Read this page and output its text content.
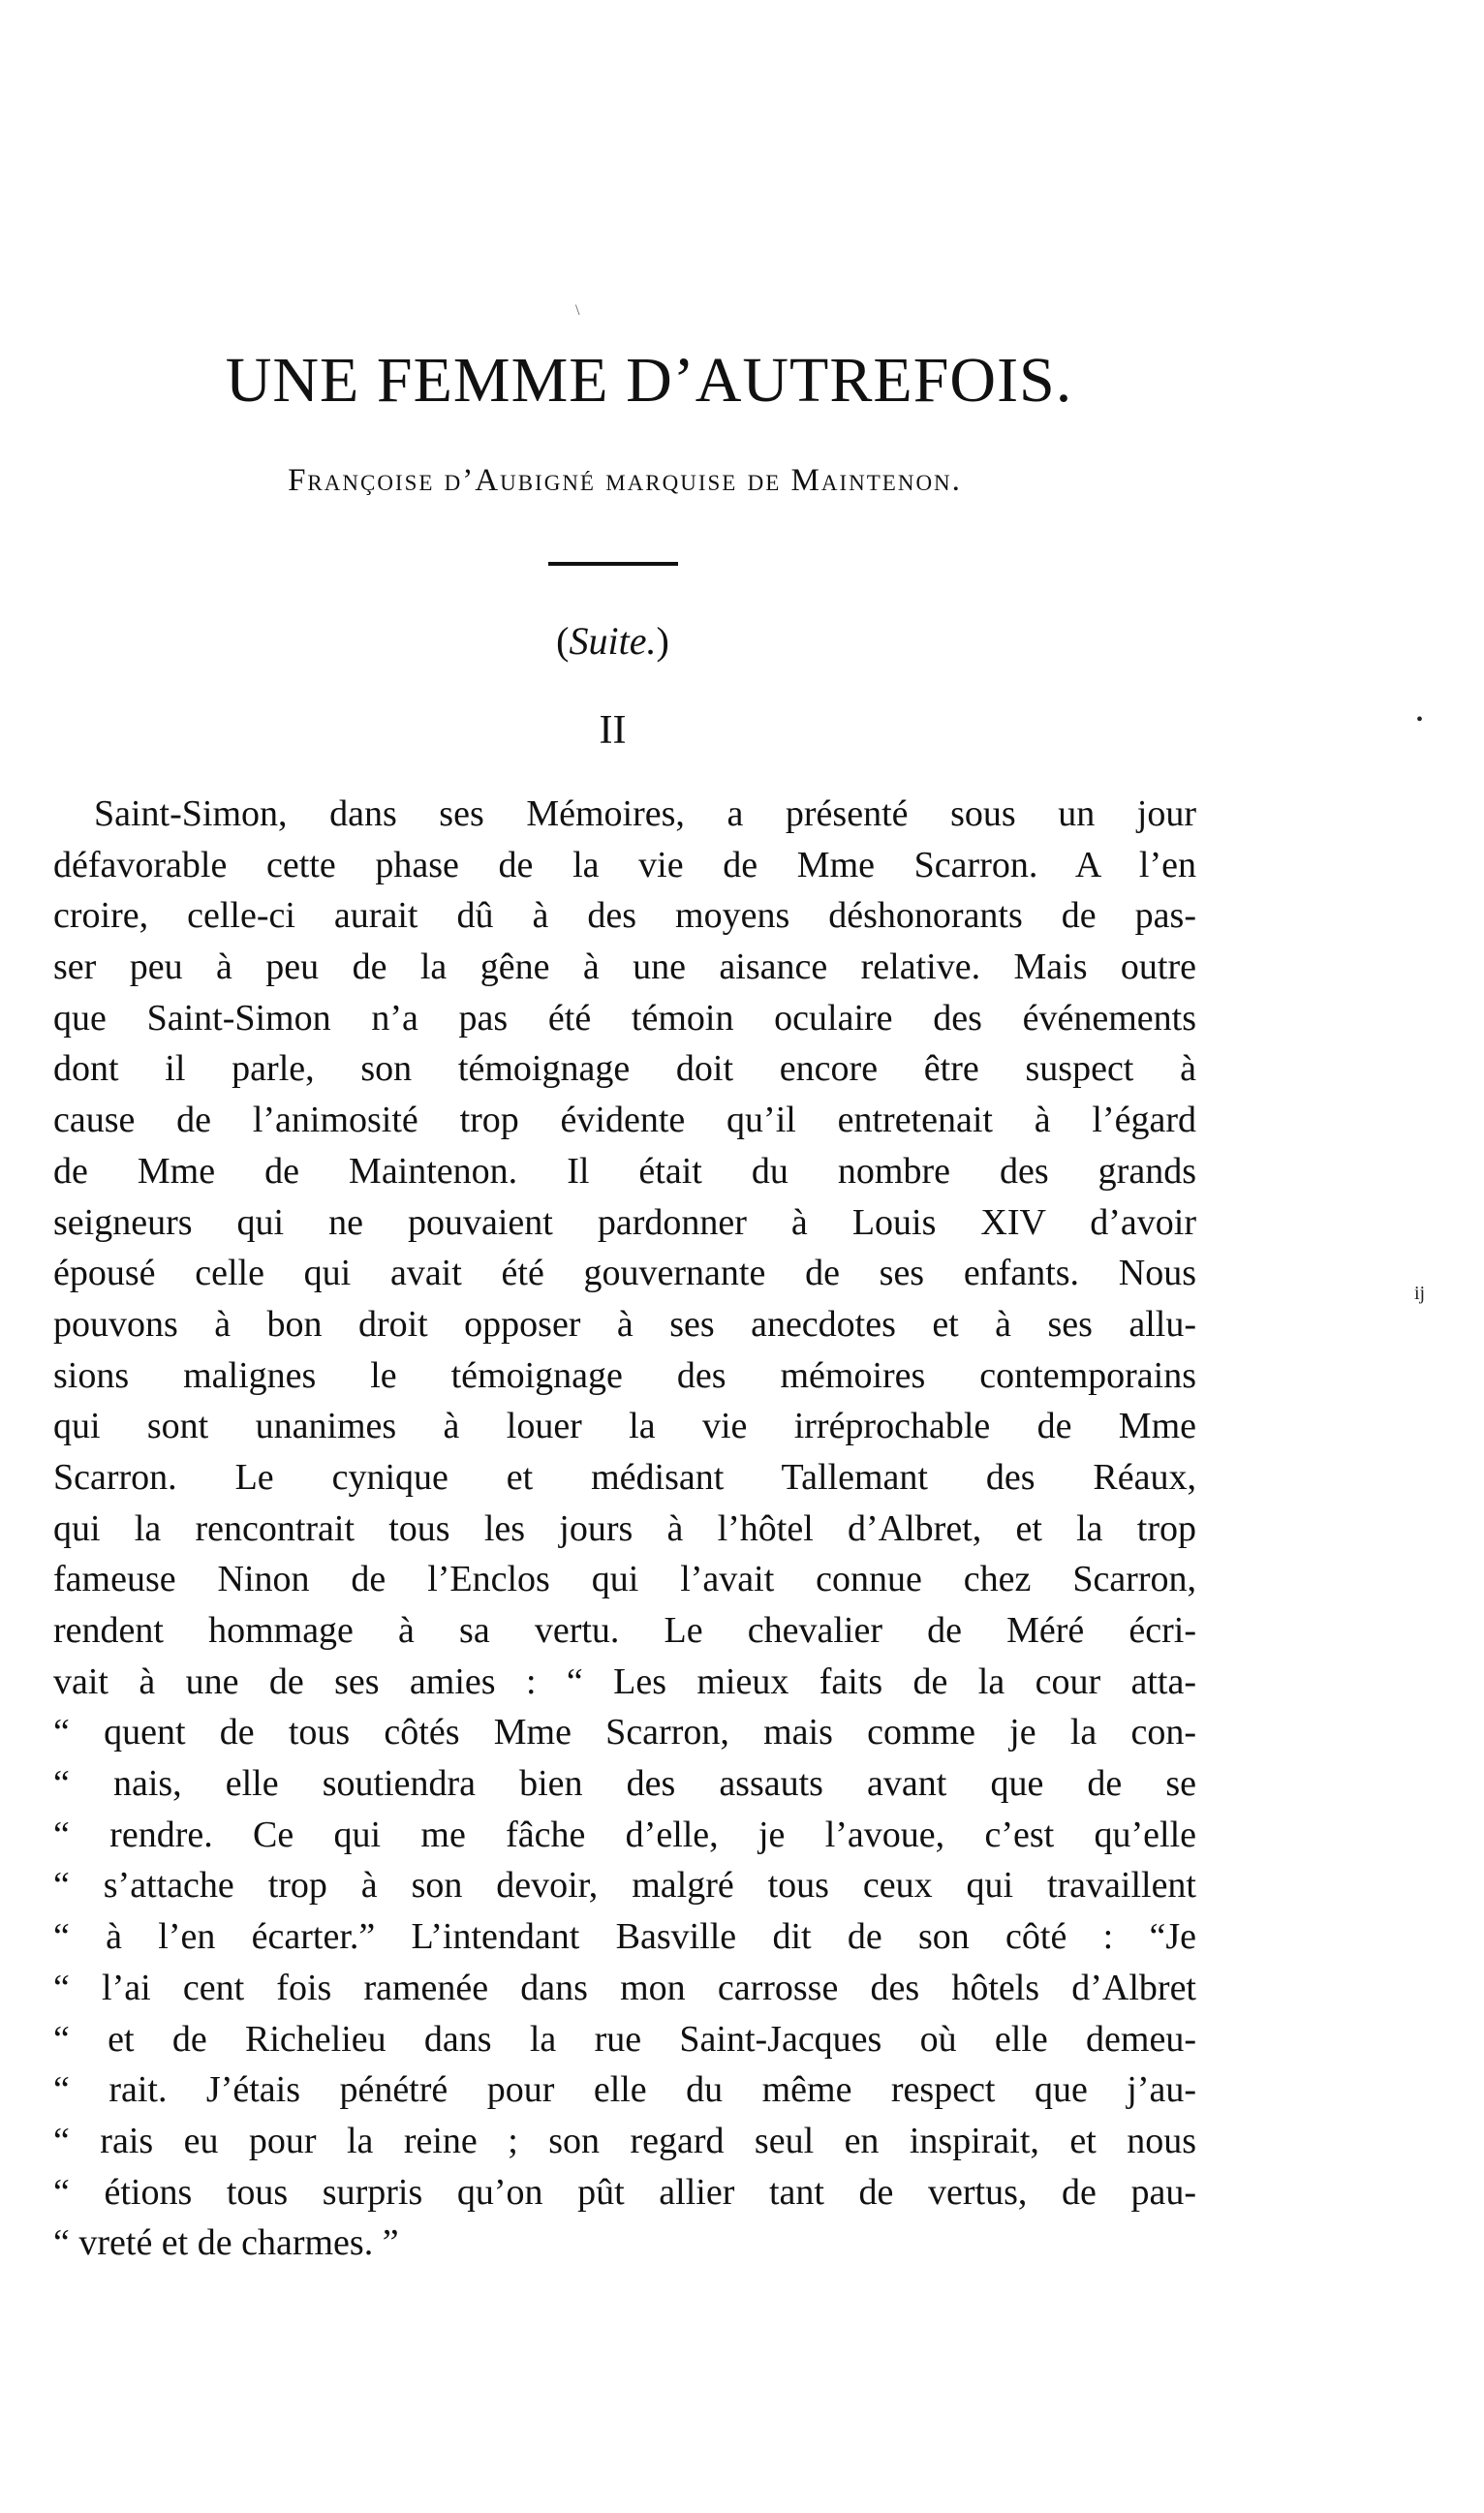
\
UNE FEMME D’AUTREFOIS.
Françoise d’Aubigné marquise de Maintenon.
(Suite.)
II	•
ij
Saint-Simon, dans ses Mémoires, a présenté sous un jour
défavorable cette phase de la vie de Mme Scarron. A l’en
croire, celle-ci aurait dû à des moyens déshonorants de pas-
ser peu à peu de la gêne à une aisance relative. Mais outre
que Saint-Simon n’a pas été témoin oculaire des événements
dont il parle, son témoignage doit encore être suspect à
cause de l’animosité trop évidente qu’il entretenait à l’égard
de Mme de Maintenon. Il était du nombre des grands
seigneurs qui ne pouvaient pardonner à Louis XIV d’avoir
épousé celle qui avait été gouvernante de ses enfants. Nous
pouvons à bon droit opposer à ses anecdotes et à ses allu-
sions malignes le témoignage des mémoires contemporains
qui sont unanimes à louer la vie irréprochable de Mme
Scarron. Le cynique et médisant Tallemant des Réaux,
qui la rencontrait tous les jours à l’hôtel d’Albret, et la trop
fameuse Ninon de l’Enclos qui l’avait connue chez Scarron,
rendent hommage à sa vertu. Le chevalier de Méré écri-
vait à une de ses amies : “ Les mieux faits de la cour atta-
“ quent de tous côtés Mme Scarron, mais comme je la con-
“ nais, elle soutiendra bien des assauts avant que de se
“ rendre. Ce qui me fâche d’elle, je l’avoue, c’est qu’elle
“ s’attache trop à son devoir, malgré tous ceux qui travaillent
“ à l’en écarter.” L’intendant Basville dit de son côté : “Je
“ l’ai cent fois ramenée dans mon carrosse des hôtels d’Albret
“ et de Richelieu dans la rue Saint-Jacques où elle demeu-
“ rait. J’étais pénétré pour elle du même respect que j’au-
“ rais eu pour la reine ; son regard seul en inspirait, et nous
“ étions tous surpris qu’on pût allier tant de vertus, de pau-
“ vreté et de charmes. ”
